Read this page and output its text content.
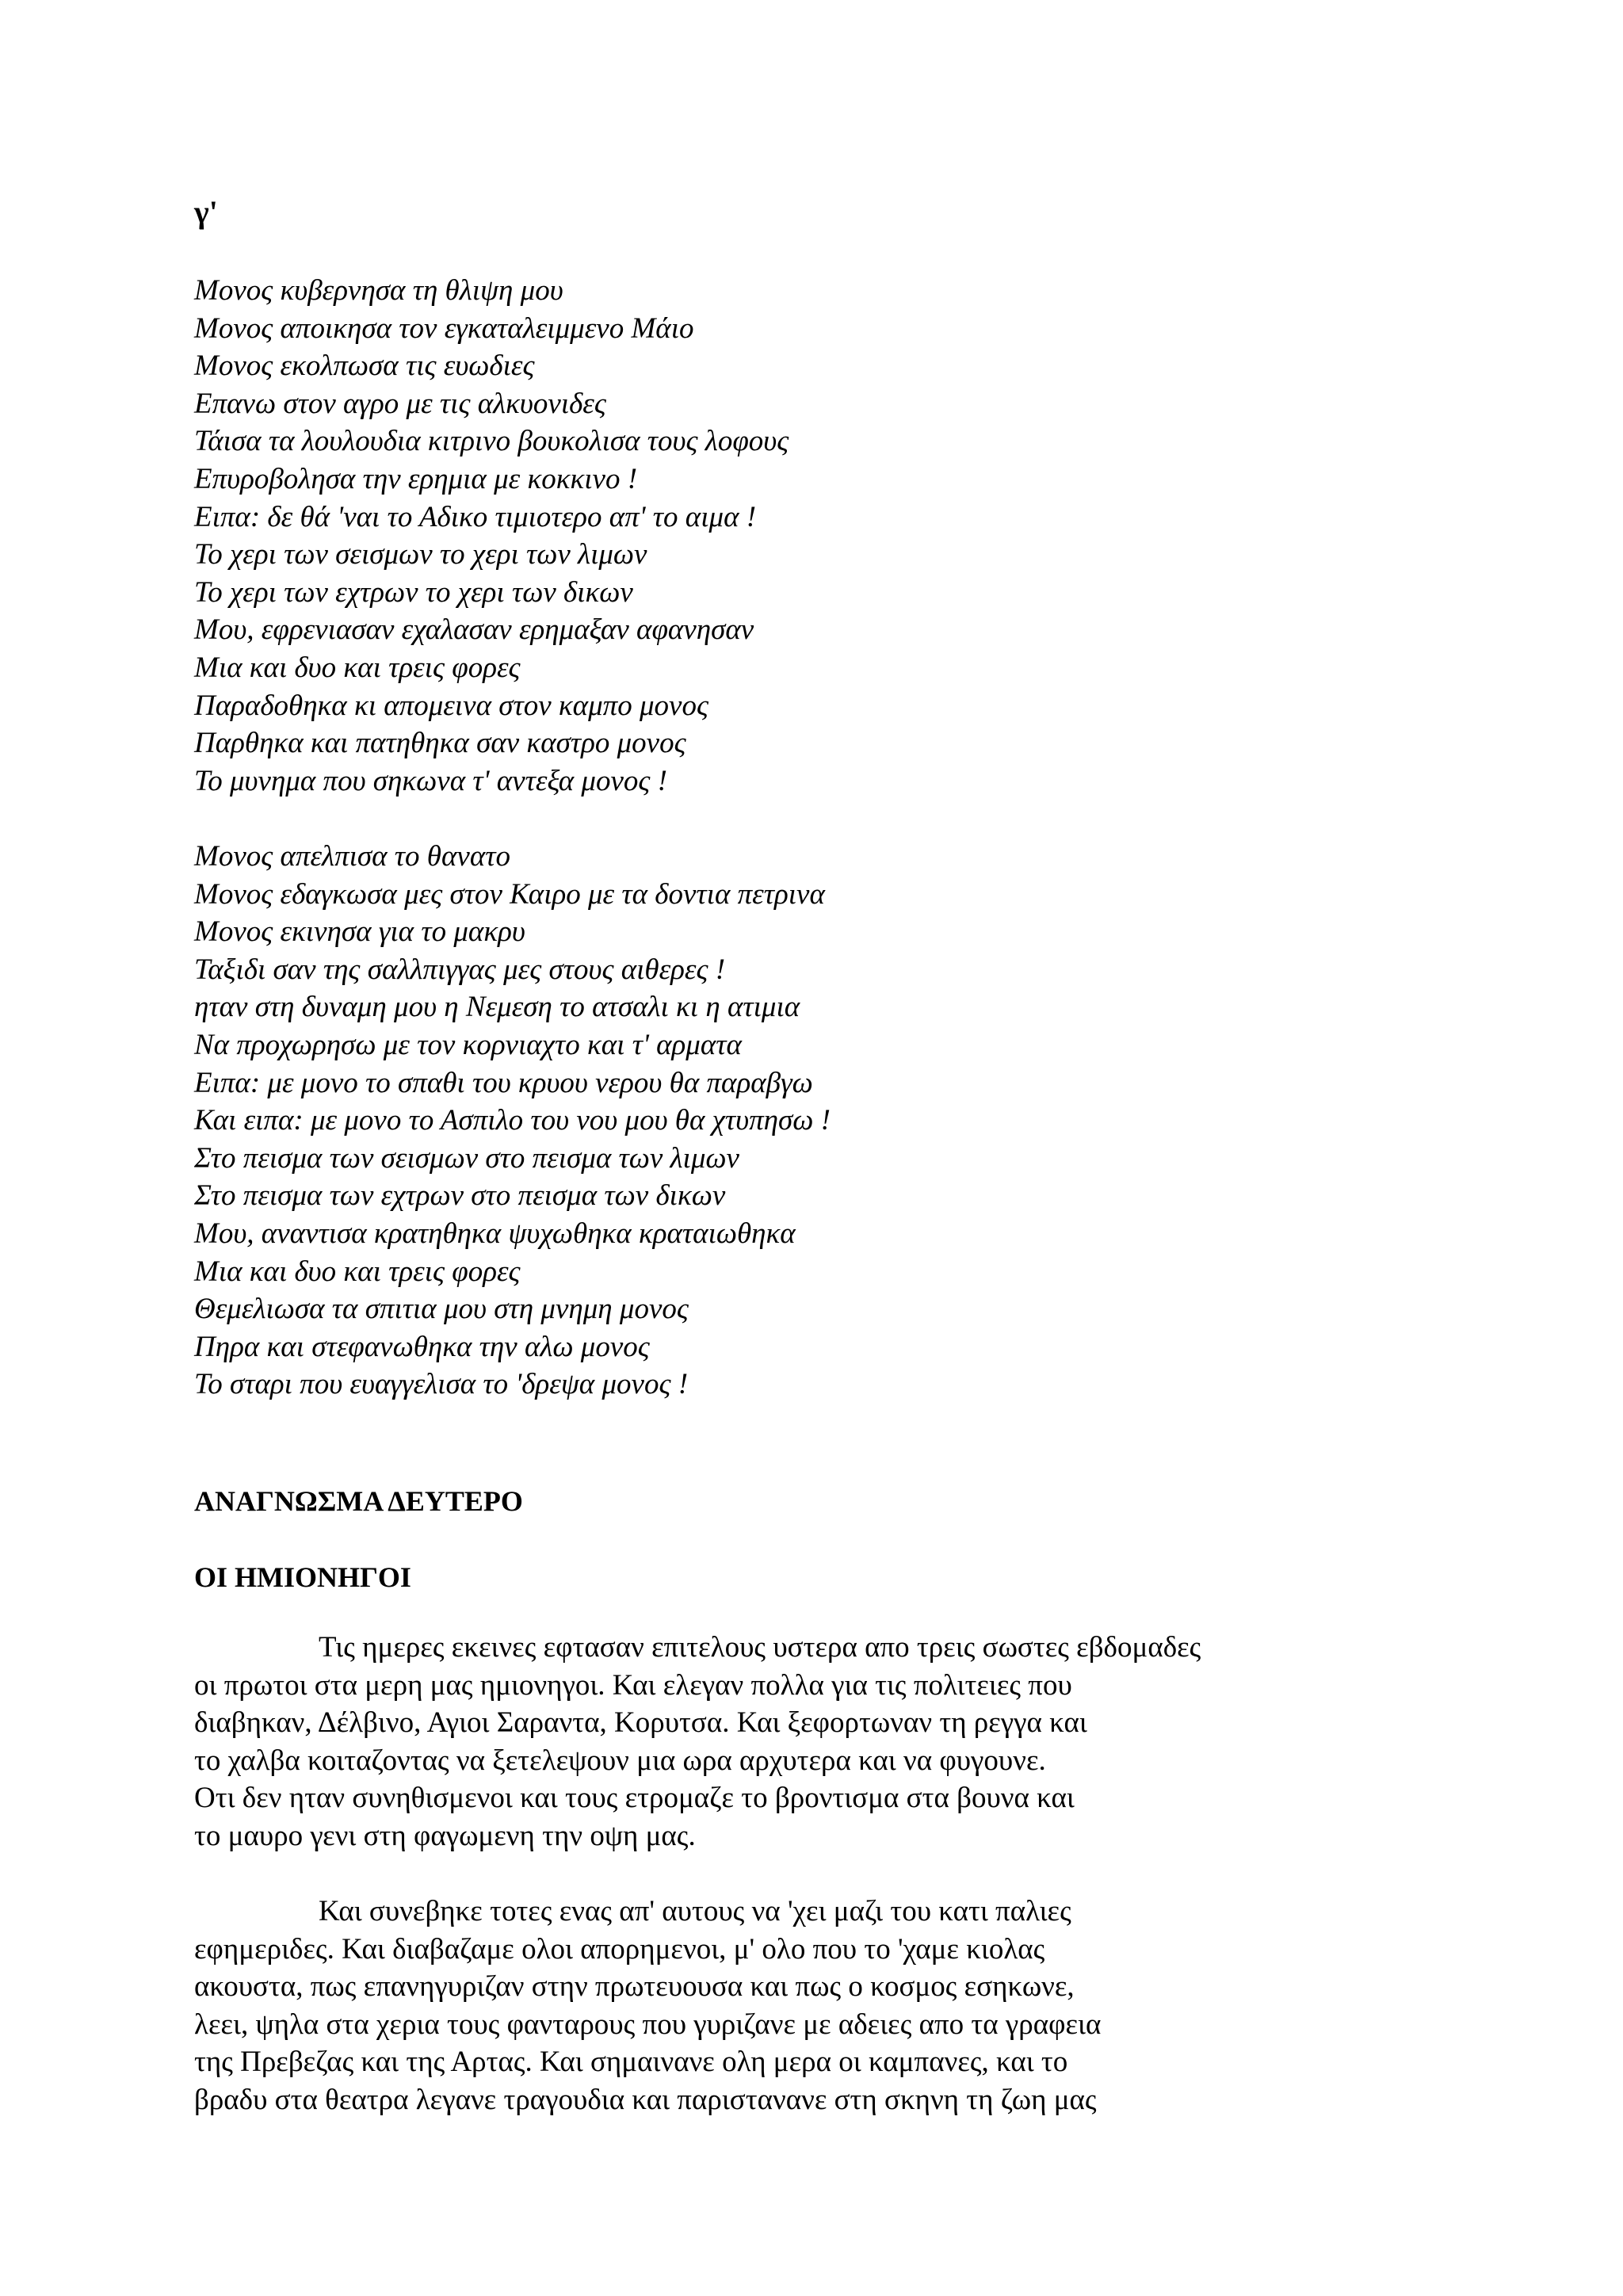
γ'
Μονος κυβερνησα τη θλιψη μου
Μονος αποικησα τον εγκαταλειμμενο Μάιο
Μονος εκολπωσα τις ευωδιες
Επανω στον αγρο με τις αλκυονιδες
Τάισα τα λουλουδια κιτρινο βουκολισα τους λοφους
Επυροβολησα την ερημια με κοκκινο !
Ειπα: δε θά 'ναι το Αδικο τιμιοτερο απ' το αιμα !
Το χερι των σεισμων το χερι των λιμων
Το χερι των εχτρων το χερι των δικων
Μου, εφρενιασαν εχαλασαν ερημαξαν αφανησαν
Μια και δυο και τρεις φορες
Παραδοθηκα κι απομεινα στον καμπο μονος
Παρθηκα και πατηθηκα σαν καστρο μονος
Το μυνημα που σηκωνα τ' αντεξα μονος !
Μονος απελπισα το θανατο
Μονος εδαγκωσα μες στον Καιρο με τα δοντια πετρινα
Μονος εκινησα για το μακρυ
Ταξιδι σαν της σαλλπιγγας μες στους αιθερες !
ηταν στη δυναμη μου η Νεμεση το ατσαλι κι η ατιμια
Να προχωρησω με τον κορνιαχτο και τ' αρματα
Ειπα: με μονο το σπαθι του κρυου νερου θα παραβγω
Και ειπα: με μονο το Ασπιλο του νου μου θα χτυπησω !
Στο πεισμα των σεισμων στο πεισμα των λιμων
Στο πεισμα των εχτρων στο πεισμα των δικων
Μου, αναντισα κρατηθηκα ψυχωθηκα κραταιωθηκα
Μια και δυο και τρεις φορες
Θεμελιωσα τα σπιτια μου στη μνημη μονος
Πηρα και στεφανωθηκα την αλω μονος
Το σταρι που ευαγγελισα το 'δρεψα μονος !
ΑΝΑΓΝΩΣΜΑ ΔΕΥΤΕΡΟ
ΟΙ ΗΜΙΟΝΗΓΟΙ
Τις ημερες εκεινες εφτασαν επιτελους υστερα απο τρεις σωστες εβδομαδες
οι πρωτοι στα μερη μας ημιονηγοι. Και ελεγαν πολλα για τις πολιτειες που
διαβηκαν, Δέλβινο, Αγιοι Σαραντα, Κορυτσα. Και ξεφορτωναν τη ρεγγα και
το χαλβα κοιταζοντας να ξετελεψουν μια ωρα αρχυτερα και να φυγουνε.
Οτι δεν ηταν συνηθισμενοι και τους ετρομαζε το βροντισμα στα βουνα και
το μαυρο γενι στη φαγωμενη την οψη μας.
Και συνεβηκε τοτες ενας απ' αυτους να 'χει μαζι του κατι παλιες
εφημεριδες. Και διαβαζαμε ολοι απορημενοι, μ' ολο που το 'χαμε κιολας
ακουστα, πως επανηγυριζαν στην πρωτευουσα και πως ο κοσμος εσηκωνε,
λεει, ψηλα στα χερια τους φανταρους που γυριζανε με αδειες απο τα γραφεια
της Πρεβεζας και της Αρτας. Και σημαινανε ολη μερα οι καμπανες, και το
βραδυ στα θεατρα λεγανε τραγουδια και παριστανανε στη σκηνη τη ζωη μας
